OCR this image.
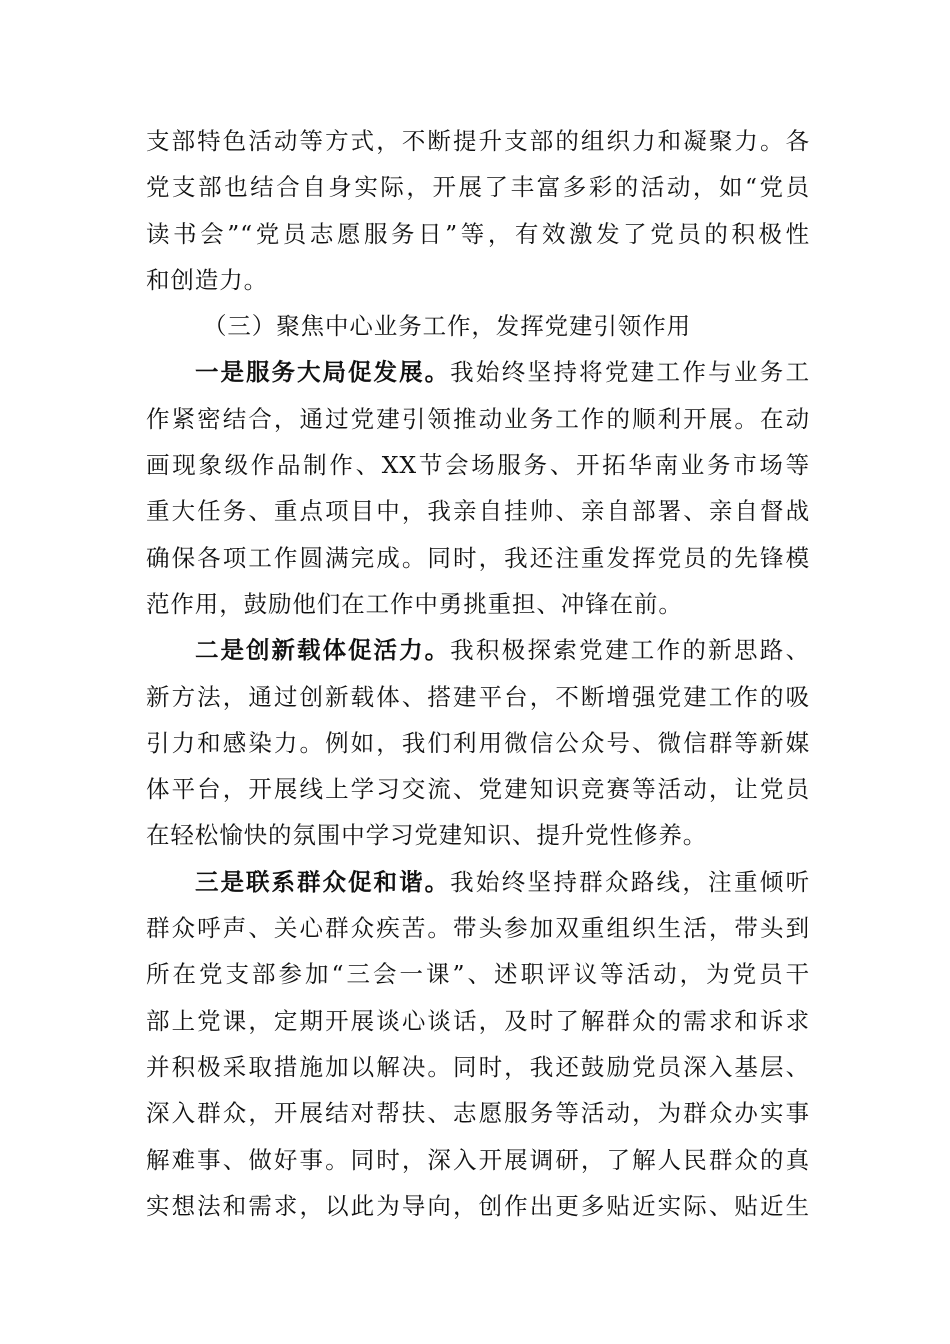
支部特色活动等方式，不断提升支部的组织力和凝聚力。各
党支部也结合自身实际，开展了丰富多彩的活动，如“党员
读书会”“党员志愿服务日”等，有效激发了党员的积极性
和创造力。
（三）聚焦中心业务工作，发挥党建引领作用
一是服务大局促发展。我始终坚持将党建工作与业务工
作紧密结合，通过党建引领推动业务工作的顺利开展。在动
画现象级作品制作、XX节会场服务、开拓华南业务市场等
重大任务、重点项目中，我亲自挂帅、亲自部署、亲自督战
确保各项工作圆满完成。同时，我还注重发挥党员的先锋模
范作用，鼓励他们在工作中勇挑重担、冲锋在前。
二是创新载体促活力。我积极探索党建工作的新思路、
新方法，通过创新载体、搭建平台，不断增强党建工作的吸
引力和感染力。例如，我们利用微信公众号、微信群等新媒
体平台，开展线上学习交流、党建知识竞赛等活动，让党员
在轻松愉快的氛围中学习党建知识、提升党性修养。
三是联系群众促和谐。我始终坚持群众路线，注重倾听
群众呼声、关心群众疾苦。带头参加双重组织生活，带头到
所在党支部参加“三会一课”、述职评议等活动，为党员干
部上党课，定期开展谈心谈话，及时了解群众的需求和诉求
并积极采取措施加以解决。同时，我还鼓励党员深入基层、
深入群众，开展结对帮扶、志愿服务等活动，为群众办实事
解难事、做好事。同时，深入开展调研，了解人民群众的真
实想法和需求，以此为导向，创作出更多贴近实际、贴近生
